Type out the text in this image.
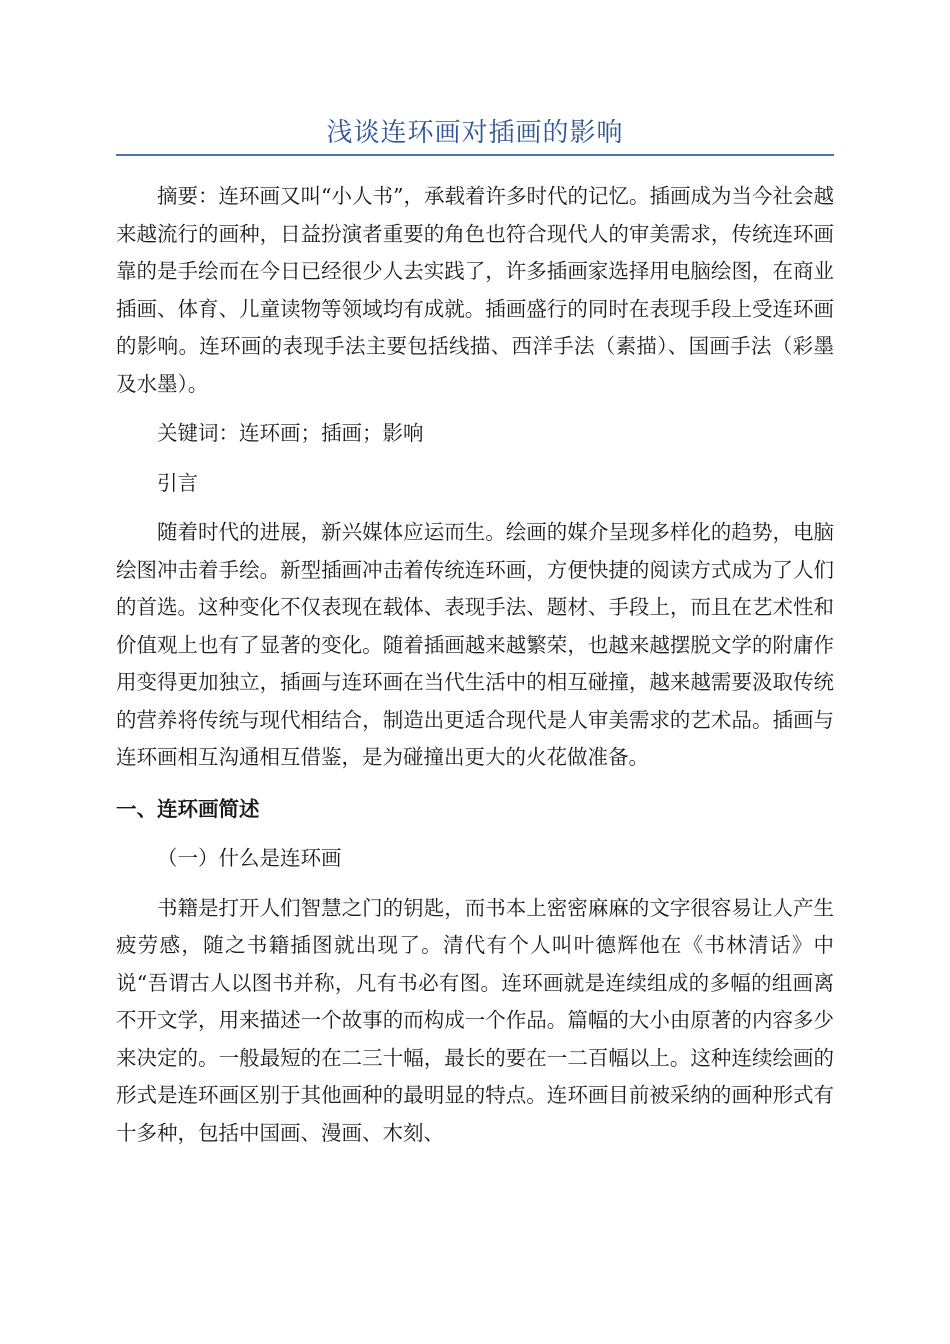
浅谈连环画对插画的影响

摘要：连环画又叫“小人书”，承载着许多时代的记忆。插画成为当今社会越来越流行的画种，日益扮演者重要的角色也符合现代人的审美需求，传统连环画靠的是手绘而在今日已经很少人去实践了，许多插画家选择用电脑绘图，在商业插画、体育、儿童读物等领域均有成就。插画盛行的同时在表现手段上受连环画的影响。连环画的表现手法主要包括线描、西洋手法（素描）、国画手法（彩墨及水墨）。

关键词：连环画；插画；影响

引言

随着时代的进展，新兴媒体应运而生。绘画的媒介呈现多样化的趋势，电脑绘图冲击着手绘。新型插画冲击着传统连环画，方便快捷的阅读方式成为了人们的首选。这种变化不仅表现在载体、表现手法、题材、手段上，而且在艺术性和价值观上也有了显著的变化。随着插画越来越繁荣，也越来越摆脱文学的附庸作用变得更加独立，插画与连环画在当代生活中的相互碰撞，越来越需要汲取传统的营养将传统与现代相结合，制造出更适合现代是人审美需求的艺术品。插画与连环画相互沟通相互借鉴，是为碰撞出更大的火花做准备。

一、连环画简述
（一）什么是连环画

书籍是打开人们智慧之门的钥匙，而书本上密密麻麻的文字很容易让人产生疲劳感，随之书籍插图就出现了。清代有个人叫叶德辉他在《书林清话》中说“吾谓古人以图书并称，凡有书必有图。连环画就是连续组成的多幅的组画离不开文学，用来描述一个故事的而构成一个作品。篇幅的大小由原著的内容多少来决定的。一般最短的在二三十幅，最长的要在一二百幅以上。这种连续绘画的形式是连环画区别于其他画种的最明显的特点。连环画目前被采纳的画种形式有十多种，包括中国画、漫画、木刻、
